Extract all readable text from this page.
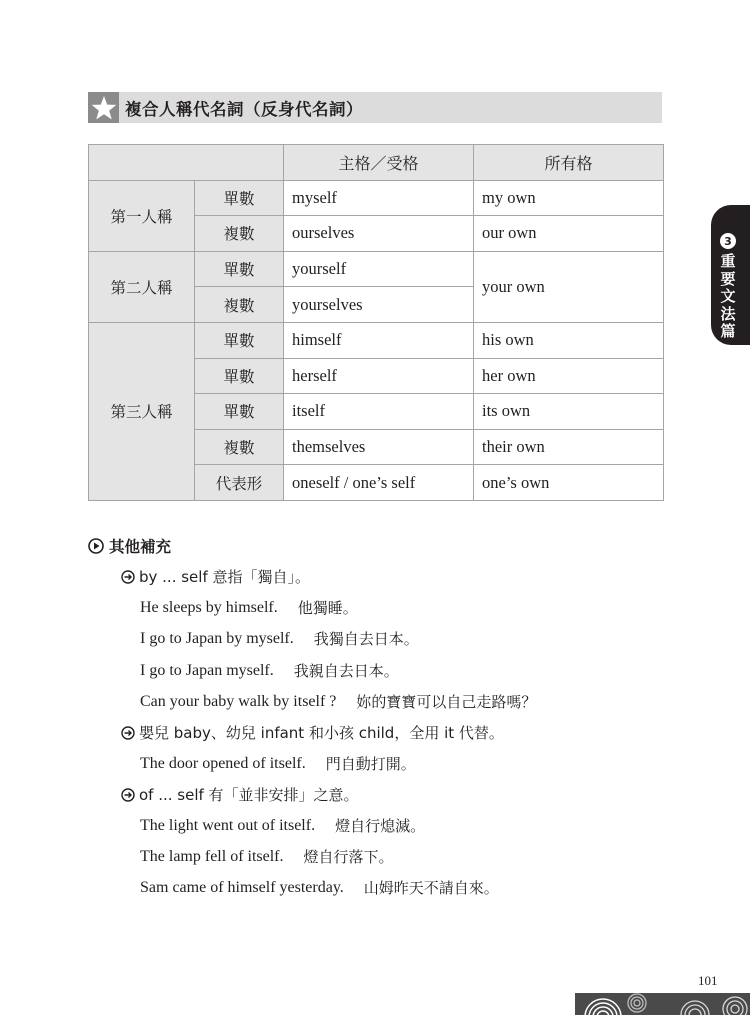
複合人稱代名詞（反身代名詞）
		主格／受格	所有格
第一人稱	單數	myself	my own
	複數	ourselves	our own
第二人稱	單數	yourself	your own
	複數	yourselves	
第三人稱	單數	himself	his own
	單數	herself	her own
	單數	itself	its own
	複數	themselves	their own
	代表形	oneself / one’s self	one’s own
3
重
要
文
法
篇
其他補充
by ... self 意指「獨自」。
He sleeps by himself. 他獨睡。
I go to Japan by myself. 我獨自去日本。
I go to Japan myself. 我親自去日本。
Can your baby walk by itself ? 妳的寶寶可以自己走路嗎？
嬰兒 baby、幼兒 infant 和小孩 child，全用 it 代替。
The door opened of itself. 門自動打開。
of ... self 有「並非安排」之意。
The light went out of itself. 燈自行熄滅。
The lamp fell of itself. 燈自行落下。
Sam came of himself yesterday. 山姆昨天不請自來。
101
